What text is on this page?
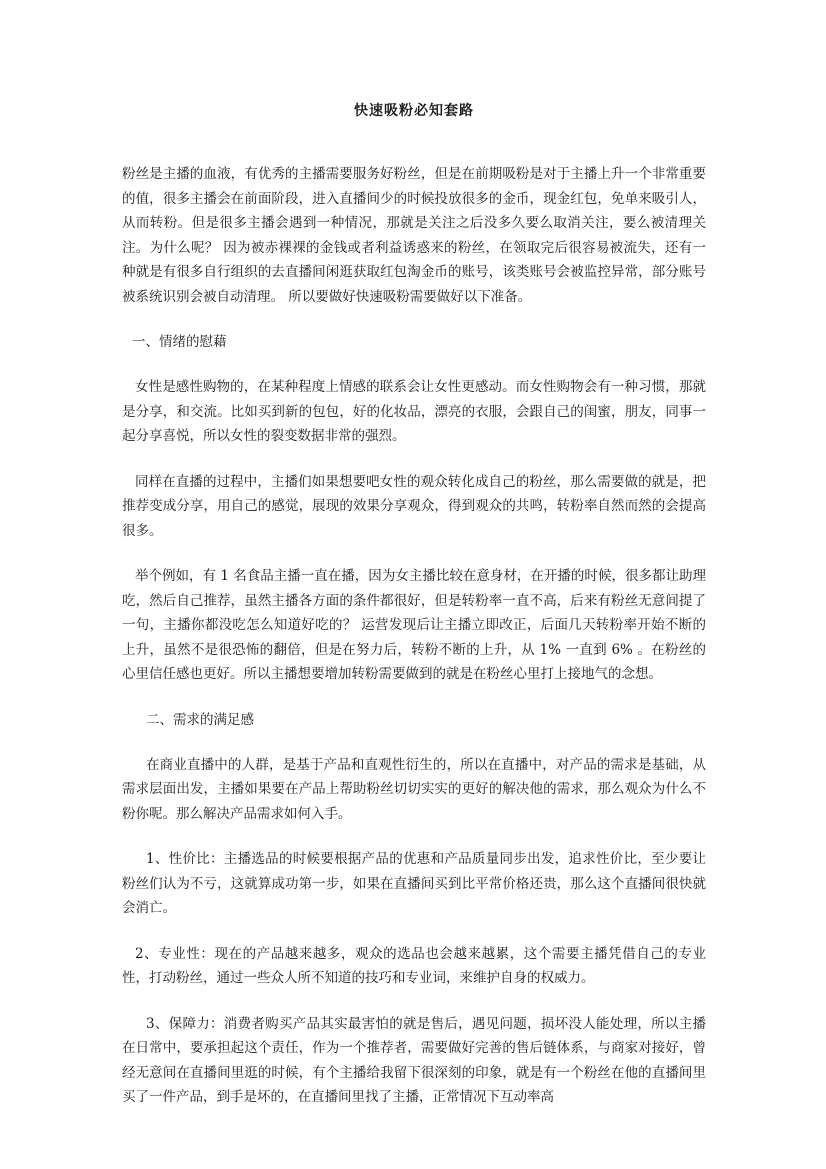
快速吸粉必知套路

粉丝是主播的血液，有优秀的主播需要服务好粉丝，但是在前期吸粉是对于主播上升一个非常重要的值，很多主播会在前面阶段，进入直播间少的时候投放很多的金币，现金红包，免单来吸引人，从而转粉。但是很多主播会遇到一种情况，那就是关注之后没多久要么取消关注，要么被清理关注。为什么呢？ 因为被赤裸裸的金钱或者利益诱惑来的粉丝，在领取完后很容易被流失，还有一种就是有很多自行组织的去直播间闲逛获取红包淘金币的账号，该类账号会被监控异常，部分账号被系统识别会被自动清理。 所以要做好快速吸粉需要做好以下准备。

一、情绪的慰藉

女性是感性购物的，在某种程度上情感的联系会让女性更感动。而女性购物会有一种习惯，那就是分享，和交流。比如买到新的包包，好的化妆品，漂亮的衣服，会跟自己的闺蜜，朋友，同事一起分享喜悦，所以女性的裂变数据非常的强烈。

同样在直播的过程中，主播们如果想要吧女性的观众转化成自己的粉丝，那么需要做的就是，把推荐变成分享，用自己的感觉，展现的效果分享观众，得到观众的共鸣，转粉率自然而然的会提高很多。

举个例如，有 1 名食品主播一直在播，因为女主播比较在意身材，在开播的时候，很多都让助理吃，然后自己推荐，虽然主播各方面的条件都很好，但是转粉率一直不高，后来有粉丝无意间提了一句，主播你都没吃怎么知道好吃的？ 运营发现后让主播立即改正，后面几天转粉率开始不断的上升，虽然不是很恐怖的翻倍，但是在努力后，转粉不断的上升，从 1% 一直到 6% 。在粉丝的心里信任感也更好。所以主播想要增加转粉需要做到的就是在粉丝心里打上接地气的念想。

二、需求的满足感

在商业直播中的人群，是基于产品和直观性衍生的，所以在直播中，对产品的需求是基础，从需求层面出发，主播如果要在产品上帮助粉丝切切实实的更好的解决他的需求，那么观众为什么不粉你呢。那么解决产品需求如何入手。

1、性价比：主播选品的时候要根据产品的优惠和产品质量同步出发，追求性价比，至少要让粉丝们认为不亏，这就算成功第一步，如果在直播间买到比平常价格还贵，那么这个直播间很快就会消亡。

2、专业性：现在的产品越来越多，观众的选品也会越来越累，这个需要主播凭借自己的专业性，打动粉丝，通过一些众人所不知道的技巧和专业词，来维护自身的权威力。

3、保障力：消费者购买产品其实最害怕的就是售后，遇见问题，损坏没人能处理，所以主播在日常中，要承担起这个责任，作为一个推荐者，需要做好完善的售后链体系，与商家对接好，曾经无意间在直播间里逛的时候，有个主播给我留下很深刻的印象，就是有一个粉丝在他的直播间里买了一件产品，到手是坏的，在直播间里找了主播，正常情况下互动率高
